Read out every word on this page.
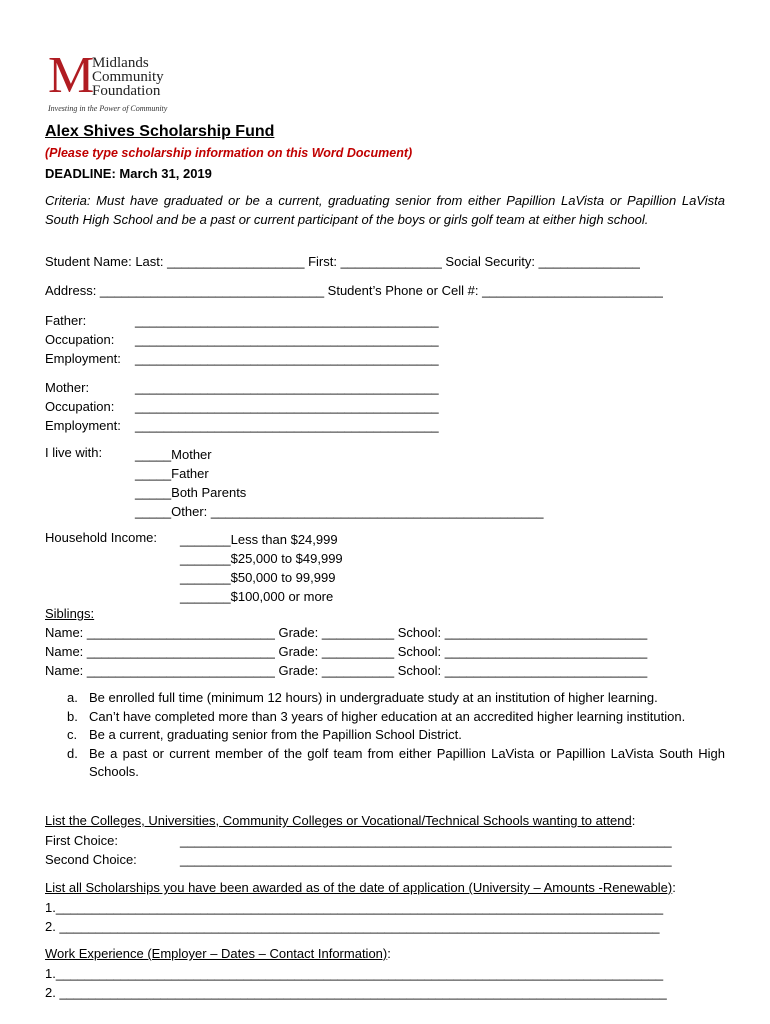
M
Midlands
Community
Foundation
Investing in the Power of Community
Alex Shives Scholarship Fund
(Please type scholarship information on this Word Document)
DEADLINE: March 31, 2019
Criteria: Must have graduated or be a current, graduating senior from either Papillion LaVista or Papillion LaVista South High School and be a past or current participant of the boys or girls golf team at either high school.
Student Name: Last: ___________________ First: ______________ Social Security: ______________
Address: _______________________________ Student’s Phone or Cell #: _________________________
Father:
Occupation:
Employment:
__________________________________________
__________________________________________
__________________________________________
Mother:
Occupation:
Employment:
__________________________________________
__________________________________________
__________________________________________
I live with:	_____Mother
_____Father
_____Both Parents
_____Other: ______________________________________________
Household Income: _______Less than $24,999
_______$25,000 to $49,999
_______$50,000 to 99,999
_______$100,000 or more
Siblings:
Name: __________________________ Grade: __________ School: ____________________________
Name: __________________________ Grade: __________ School: ____________________________
Name: __________________________ Grade: __________ School: ____________________________
a. Be enrolled full time (minimum 12 hours) in undergraduate study at an institution of higher learning.
b. Can’t have completed more than 3 years of higher education at an accredited higher learning institution.
c. Be a current, graduating senior from the Papillion School District.
d. Be a past or current member of the golf team from either Papillion LaVista or Papillion LaVista South High Schools.
List the Colleges, Universities, Community Colleges or Vocational/Technical Schools wanting to attend:
First Choice:
Second Choice:
____________________________________________________________________
____________________________________________________________________
List all Scholarships you have been awarded as of the date of application (University – Amounts -Renewable):
1.____________________________________________________________________________________
2. ___________________________________________________________________________________
Work Experience (Employer – Dates – Contact Information):
1.____________________________________________________________________________________
2. ____________________________________________________________________________________
